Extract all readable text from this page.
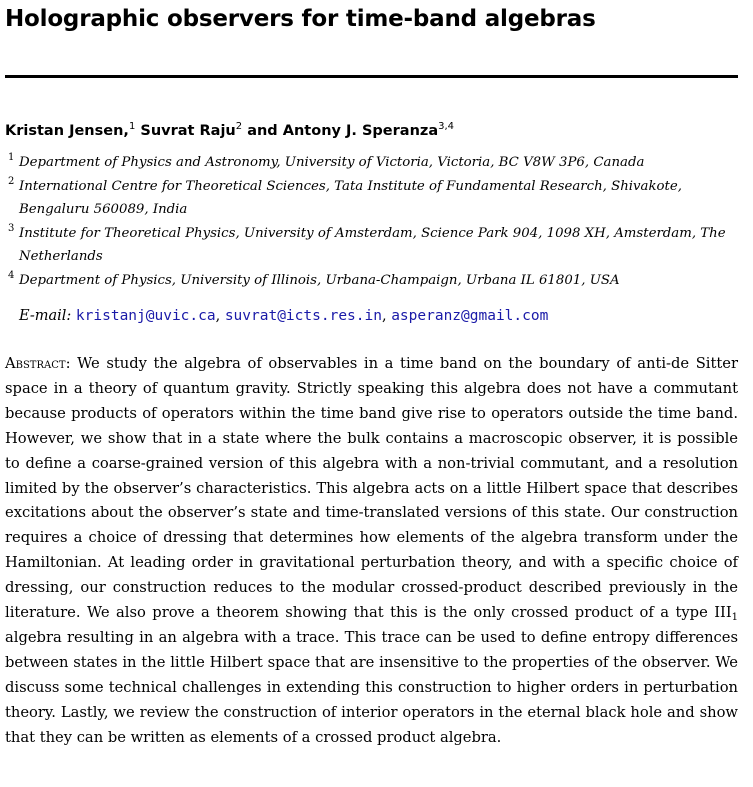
Holographic observers for time-band algebras

Kristan Jensen,$^1$ Suvrat Raju$^2$ and Antony J. Speranza$^{3,4}$

1 Department of Physics and Astronomy, University of Victoria, Victoria, BC V8W 3P6, Canada
2 International Centre for Theoretical Sciences, Tata Institute of Fundamental Research, Shivakote, Bengaluru 560089, India
3 Institute for Theoretical Physics, University of Amsterdam, Science Park 904, 1098 XH, Amsterdam, The Netherlands
4 Department of Physics, University of Illinois, Urbana-Champaign, Urbana IL 61801, USA

E-mail: kristanj@uvic.ca, suvrat@icts.res.in, asperanz@gmail.com

Abstract: We study the algebra of observables in a time band on the boundary of anti-de Sitter space in a theory of quantum gravity. Strictly speaking this algebra does not have a commutant because products of operators within the time band give rise to operators outside the time band. However, we show that in a state where the bulk contains a macroscopic observer, it is possible to define a coarse-grained version of this algebra with a non-trivial commutant, and a resolution limited by the observer’s characteristics. This algebra acts on a little Hilbert space that describes excitations about the observer’s state and time-translated versions of this state. Our construction requires a choice of dressing that determines how elements of the algebra transform under the Hamiltonian. At leading order in gravitational perturbation theory, and with a specific choice of dressing, our construction reduces to the modular crossed-product described previously in the literature. We also prove a theorem showing that this is the only crossed product of a type $III_1$ algebra resulting in an algebra with a trace. This trace can be used to define entropy differences between states in the little Hilbert space that are insensitive to the properties of the observer. We discuss some technical challenges in extending this construction to higher orders in perturbation theory. Lastly, we review the construction of interior operators in the eternal black hole and show that they can be written as elements of a crossed product algebra.
